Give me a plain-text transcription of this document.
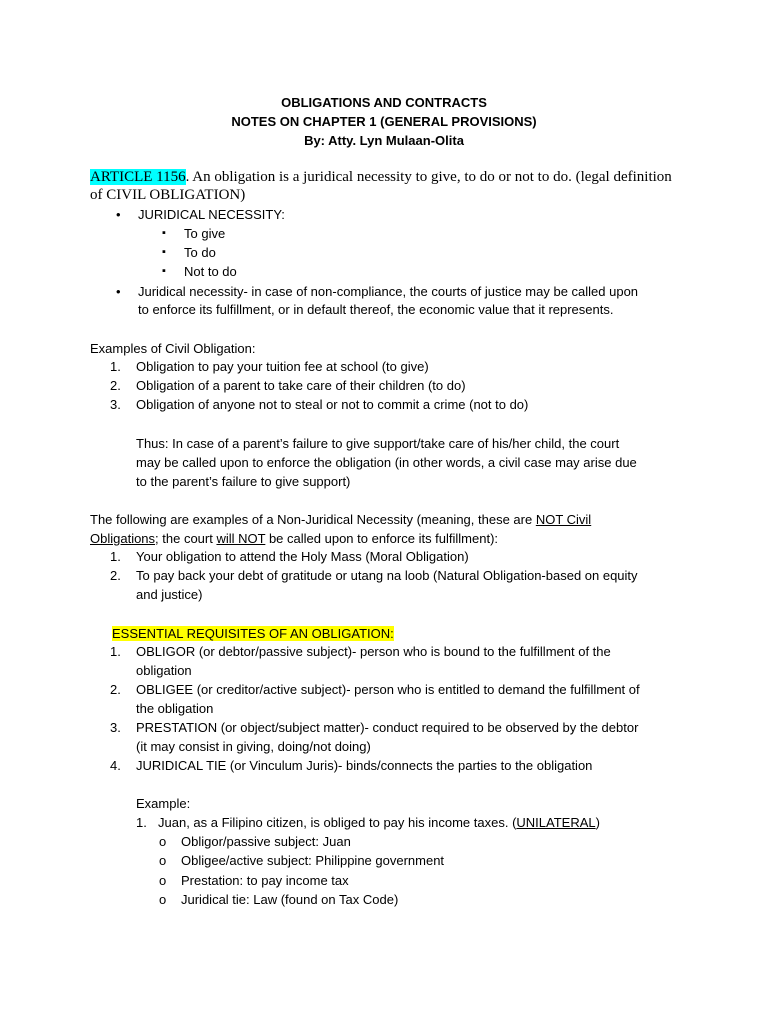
OBLIGATIONS AND CONTRACTS
NOTES ON CHAPTER 1 (GENERAL PROVISIONS)
By: Atty. Lyn Mulaan-Olita
ARTICLE 1156. An obligation is a juridical necessity to give, to do or not to do. (legal definition
of CIVIL OBLIGATION)
• JURIDICAL NECESSITY:
▪ To give
▪ To do
▪ Not to do
• Juridical necessity- in case of non-compliance, the courts of justice may be called upon
to enforce its fulfillment, or in default thereof, the economic value that it represents.
Examples of Civil Obligation:
1. Obligation to pay your tuition fee at school (to give)
2. Obligation of a parent to take care of their children (to do)
3. Obligation of anyone not to steal or not to commit a crime (not to do)
Thus: In case of a parent’s failure to give support/take care of his/her child, the court
may be called upon to enforce the obligation (in other words, a civil case may arise due
to the parent’s failure to give support)
The following are examples of a Non-Juridical Necessity (meaning, these are NOT Civil
Obligations; the court will NOT be called upon to enforce its fulfillment):
1. Your obligation to attend the Holy Mass (Moral Obligation)
2. To pay back your debt of gratitude or utang na loob (Natural Obligation-based on equity
and justice)
ESSENTIAL REQUISITES OF AN OBLIGATION:
1. OBLIGOR (or debtor/passive subject)- person who is bound to the fulfillment of the
obligation
2. OBLIGEE (or creditor/active subject)- person who is entitled to demand the fulfillment of
the obligation
3. PRESTATION (or object/subject matter)- conduct required to be observed by the debtor
(it may consist in giving, doing/not doing)
4. JURIDICAL TIE (or Vinculum Juris)- binds/connects the parties to the obligation
Example:
1. Juan, as a Filipino citizen, is obliged to pay his income taxes. (UNILATERAL)
o Obligor/passive subject: Juan
o Obligee/active subject: Philippine government
o Prestation: to pay income tax
o Juridical tie: Law (found on Tax Code)
